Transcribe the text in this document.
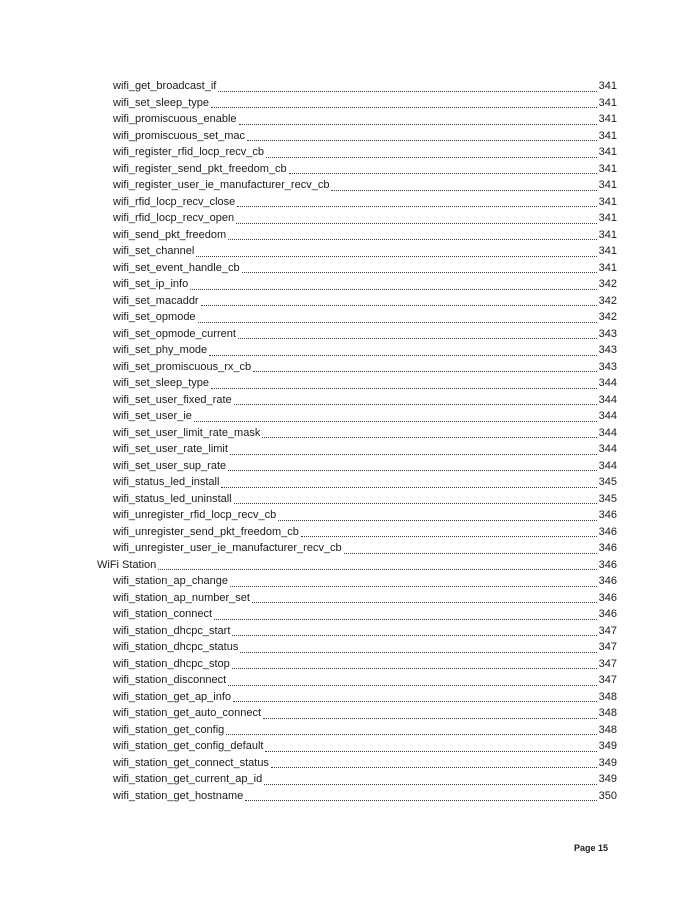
wifi_get_broadcast_if	341
wifi_set_sleep_type	341
wifi_promiscuous_enable	341
wifi_promiscuous_set_mac	341
wifi_register_rfid_locp_recv_cb	341
wifi_register_send_pkt_freedom_cb	341
wifi_register_user_ie_manufacturer_recv_cb	341
wifi_rfid_locp_recv_close	341
wifi_rfid_locp_recv_open	341
wifi_send_pkt_freedom	341
wifi_set_channel	341
wifi_set_event_handle_cb	341
wifi_set_ip_info	342
wifi_set_macaddr	342
wifi_set_opmode	342
wifi_set_opmode_current	343
wifi_set_phy_mode	343
wifi_set_promiscuous_rx_cb	343
wifi_set_sleep_type	344
wifi_set_user_fixed_rate	344
wifi_set_user_ie	344
wifi_set_user_limit_rate_mask	344
wifi_set_user_rate_limit	344
wifi_set_user_sup_rate	344
wifi_status_led_install	345
wifi_status_led_uninstall	345
wifi_unregister_rfid_locp_recv_cb	346
wifi_unregister_send_pkt_freedom_cb	346
wifi_unregister_user_ie_manufacturer_recv_cb	346
WiFi Station	346
wifi_station_ap_change	346
wifi_station_ap_number_set	346
wifi_station_connect	346
wifi_station_dhcpc_start	347
wifi_station_dhcpc_status	347
wifi_station_dhcpc_stop	347
wifi_station_disconnect	347
wifi_station_get_ap_info	348
wifi_station_get_auto_connect	348
wifi_station_get_config	348
wifi_station_get_config_default	349
wifi_station_get_connect_status	349
wifi_station_get_current_ap_id	349
wifi_station_get_hostname	350
Page 15
